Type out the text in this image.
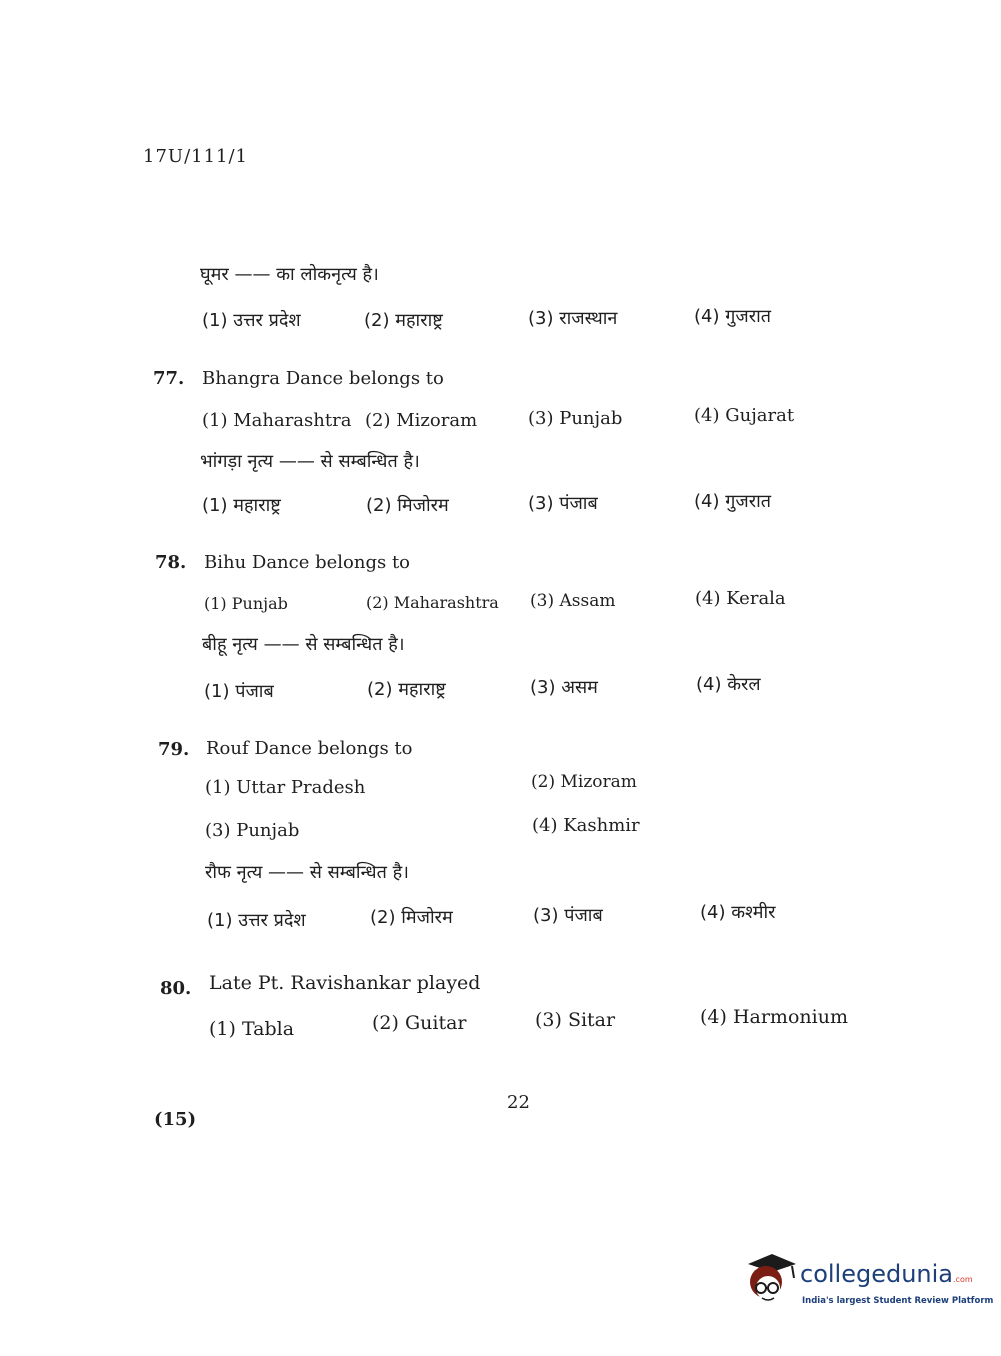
17U/111/1
घूमर —— का लोकनृत्य है।
(1) उत्तर प्रदेश	(2) महाराष्ट्र	(3) राजस्थान	(4) गुजरात
77. Bhangra Dance belongs to
(1) Maharashtra (2) Mizoram	(3) Punjab	(4) Gujarat
भांगड़ा नृत्य —— से सम्बन्धित है।
(1) महाराष्ट्र	(2) मिजोरम	(3) पंजाब	(4) गुजरात
78. Bihu Dance belongs to
(1) Punjab	(2) Maharashtra (3) Assam	(4) Kerala
बीहू नृत्य —— से सम्बन्धित है।
(1) पंजाब	(2) महाराष्ट्र	(3) असम	(4) केरल
79. Rouf Dance belongs to
(1) Uttar Pradesh	(2) Mizoram
(3) Punjab	(4) Kashmir
रौफ नृत्य —— से सम्बन्धित है।
(1) उत्तर प्रदेश	(2) मिजोरम	(3) पंजाब	(4) कश्मीर
80. Late Pt. Ravishankar played
(1) Tabla	(2) Guitar	(3) Sitar	(4) Harmonium
22
(15)
collegedunia.com
India's largest Student Review Platform
